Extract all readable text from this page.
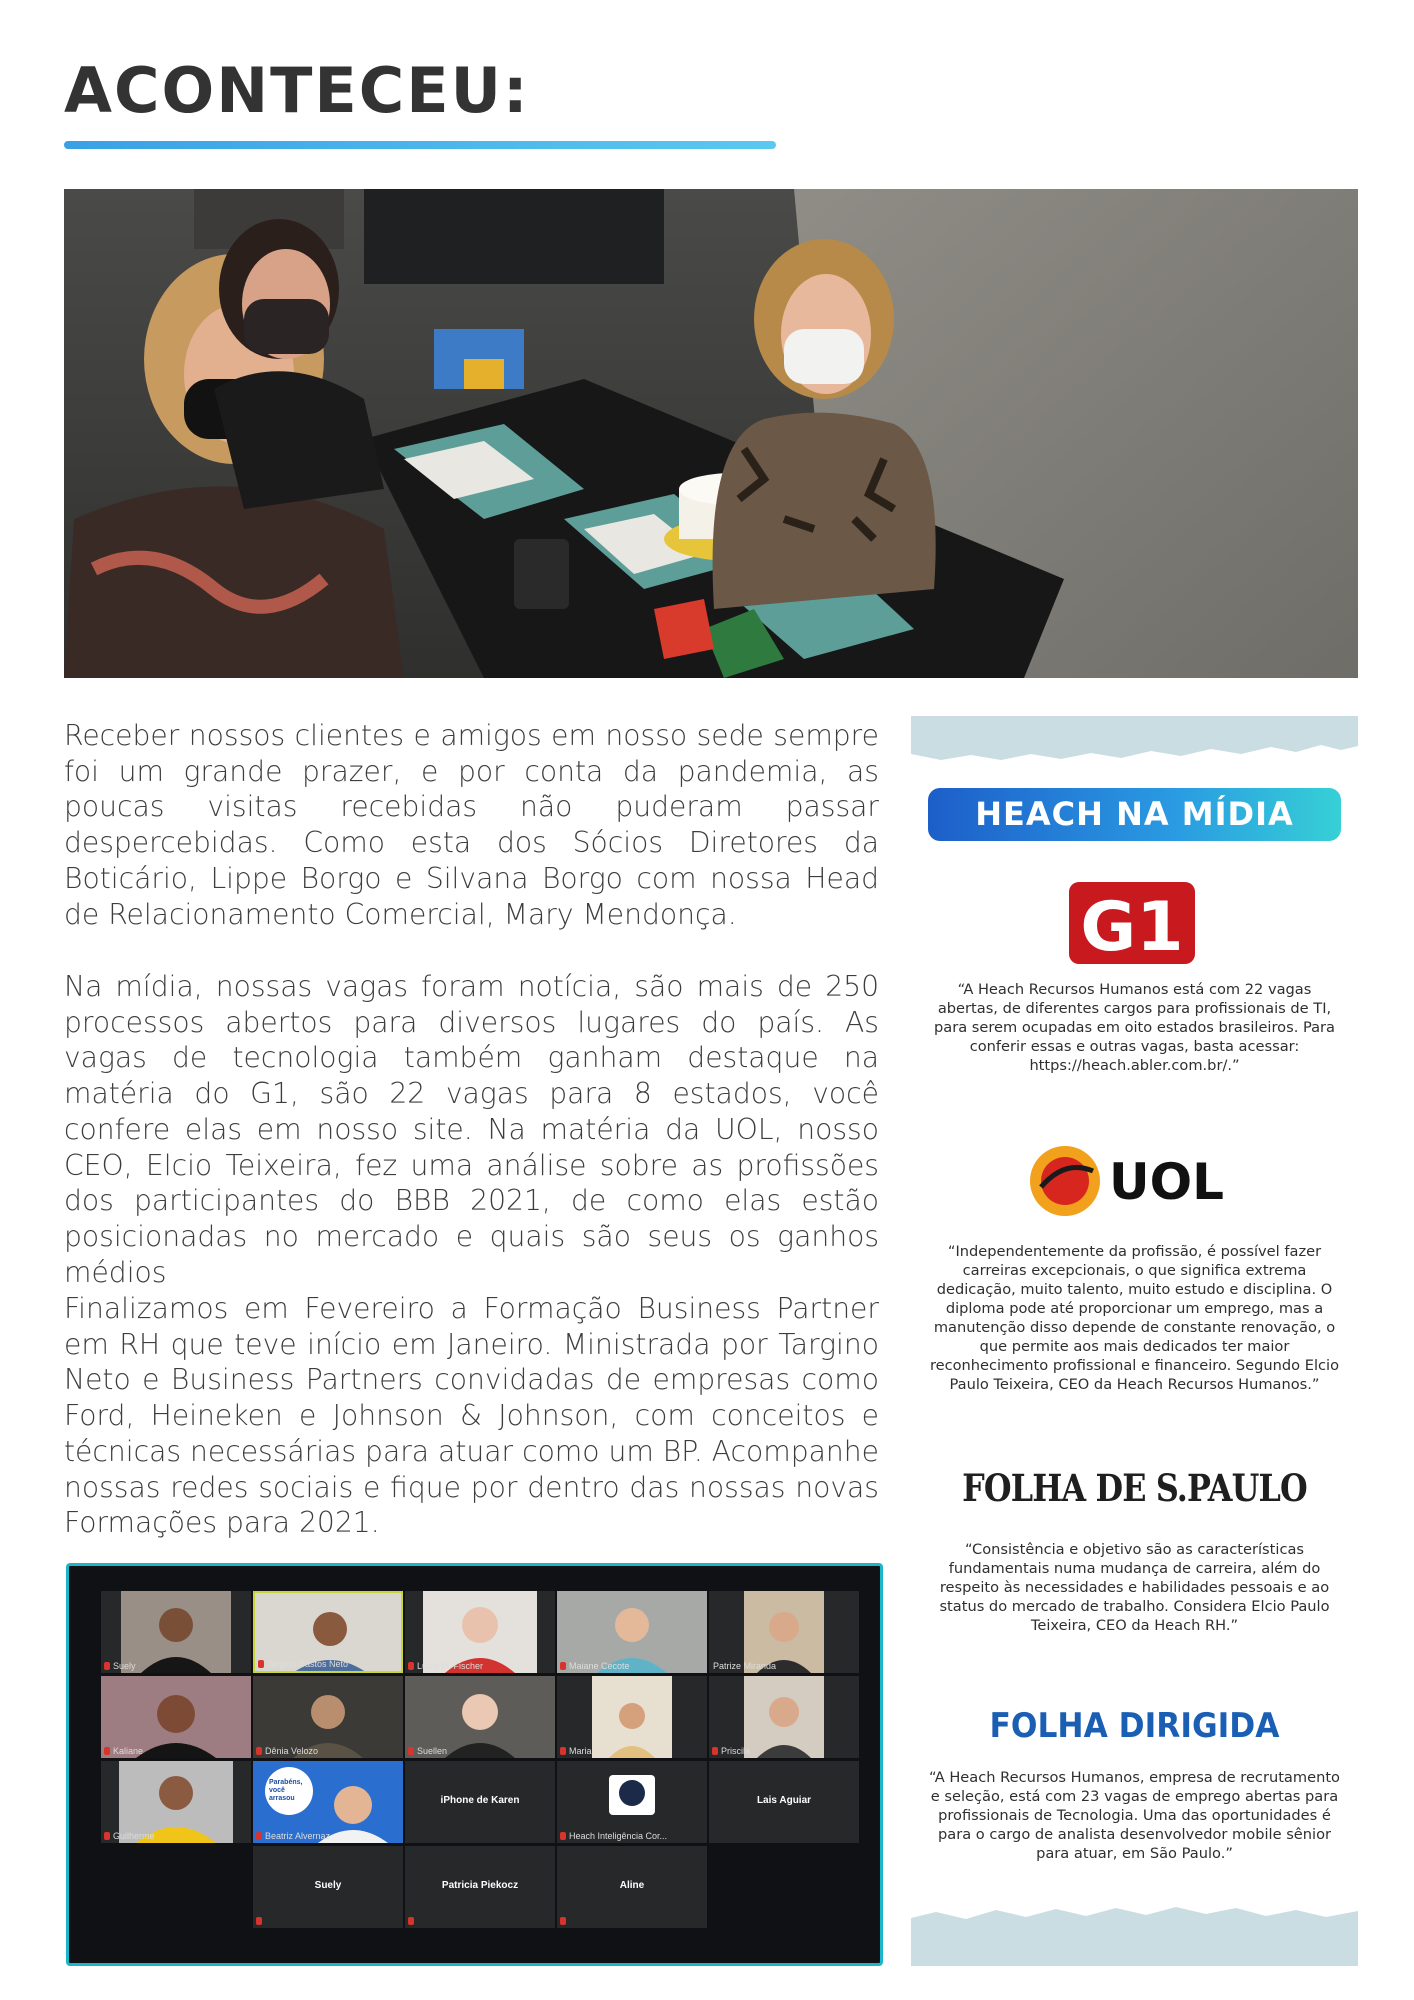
ACONTECEU:
Receber nossos clientes e amigos em nosso sede sempre foi um grande prazer, e por conta da pandemia, as poucas visitas recebidas não puderam passar despercebidas. Como esta dos Sócios Diretores da Boticário, Lippe Borgo e Silvana Borgo com nossa Head de Relacionamento Comercial, Mary Mendonça.
Na mídia, nossas vagas foram notícia, são mais de 250 processos abertos para diversos lugares do país. As vagas de tecnologia também ganham destaque na matéria do G1, são 22 vagas para 8 estados, você confere elas em nosso site. Na matéria da UOL, nosso CEO, Elcio Teixeira, fez uma análise sobre as profissões dos participantes do BBB 2021, de como elas estão posicionadas no mercado e quais são seus os ganhos médios
Finalizamos em Fevereiro a Formação Business Partner em RH que teve início em Janeiro. Ministrada por Targino Neto e Business Partners convidadas de empresas como Ford, Heineken e Johnson & Johnson, com conceitos e técnicas necessárias para atuar como um BP. Acompanhe nossas redes sociais e fique por dentro das nossas novas Formações para 2021.
Suely	Targino Bastos Neto	Luiza M. Fischer	Maiane Cecote	Patrize Miranda
Kaliane	Dênia Velozo	Suellen	Maria	Priscila
Guilherme
Parabéns, você arrasou
Beatriz Alvernaz
iPhone de Karen
Heach Inteligência Cor...
Lais Aguiar
Suely	Patricia Piekocz	Aline
HEACH NA MÍDIA
G1
“A Heach Recursos Humanos está com 22 vagas abertas, de diferentes cargos para profissionais de TI, para serem ocupadas em oito estados brasileiros. Para conferir essas e outras vagas, basta acessar: https://heach.abler.com.br/.”
UOL
“Independentemente da profissão, é possível fazer carreiras excepcionais, o que significa extrema dedicação, muito talento, muito estudo e disciplina. O diploma pode até proporcionar um emprego, mas a manutenção disso depende de constante renovação, o que permite aos mais dedicados ter maior reconhecimento profissional e financeiro. Segundo Elcio Paulo Teixeira, CEO da Heach Recursos Humanos.”
FOLHA DE S.PAULO
“Consistência e objetivo são as características fundamentais numa mudança de carreira, além do respeito às necessidades e habilidades pessoais e ao status do mercado de trabalho. Considera Elcio Paulo Teixeira, CEO da Heach RH.”
FOLHA DIRIGIDA
“A Heach Recursos Humanos, empresa de recrutamento e seleção, está com 23 vagas de emprego abertas para profissionais de Tecnologia. Uma das oportunidades é para o cargo de analista desenvolvedor mobile sênior para atuar, em São Paulo.”
